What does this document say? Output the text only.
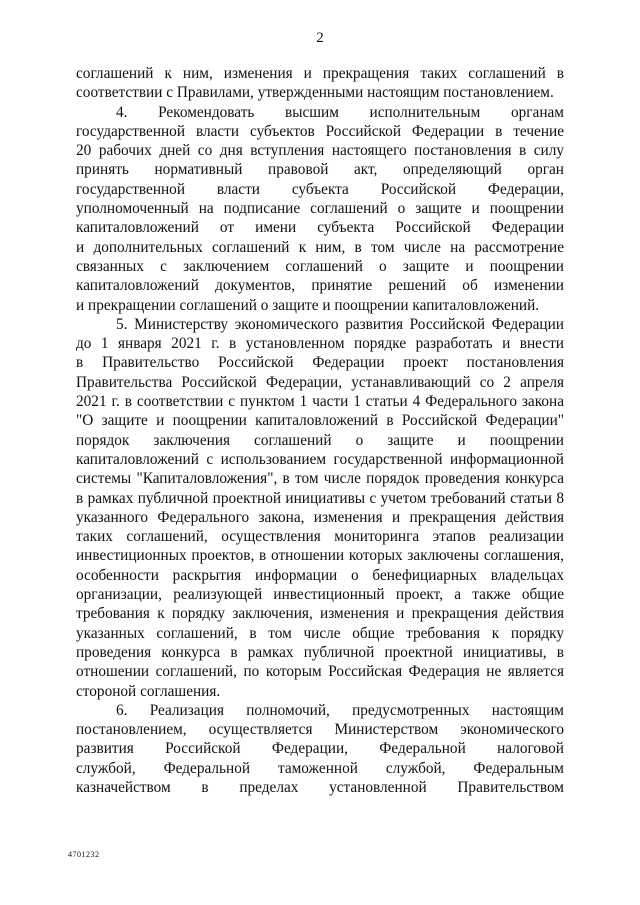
2
соглашений к ним, изменения и прекращения таких соглашений в
соответствии с Правилами, утвержденными настоящим постановлением.
4. Рекомендовать высшим исполнительным органам
государственной власти субъектов Российской Федерации в течение
20 рабочих дней со дня вступления настоящего постановления в силу
принять нормативный правовой акт, определяющий орган
государственной власти субъекта Российской Федерации,
уполномоченный на подписание соглашений о защите и поощрении
капиталовложений от имени субъекта Российской Федерации
и дополнительных соглашений к ним, в том числе на рассмотрение
связанных с заключением соглашений о защите и поощрении
капиталовложений документов, принятие решений об изменении
и прекращении соглашений о защите и поощрении капиталовложений.
5. Министерству экономического развития Российской Федерации
до 1 января 2021 г. в установленном порядке разработать и внести
в Правительство Российской Федерации проект постановления
Правительства Российской Федерации, устанавливающий со 2 апреля
2021 г. в соответствии с пунктом 1 части 1 статьи 4 Федерального закона
"О защите и поощрении капиталовложений в Российской Федерации"
порядок заключения соглашений о защите и поощрении
капиталовложений с использованием государственной информационной
системы "Капиталовложения", в том числе порядок проведения конкурса
в рамках публичной проектной инициативы с учетом требований статьи 8
указанного Федерального закона, изменения и прекращения действия
таких соглашений, осуществления мониторинга этапов реализации
инвестиционных проектов, в отношении которых заключены соглашения,
особенности раскрытия информации о бенефициарных владельцах
организации, реализующей инвестиционный проект, а также общие
требования к порядку заключения, изменения и прекращения действия
указанных соглашений, в том числе общие требования к порядку
проведения конкурса в рамках публичной проектной инициативы, в
отношении соглашений, по которым Российская Федерация не является
стороной соглашения.
6. Реализация полномочий, предусмотренных настоящим
постановлением, осуществляется Министерством экономического
развития Российской Федерации, Федеральной налоговой
службой, Федеральной таможенной службой, Федеральным
казначейством в пределах установленной Правительством
4701232
